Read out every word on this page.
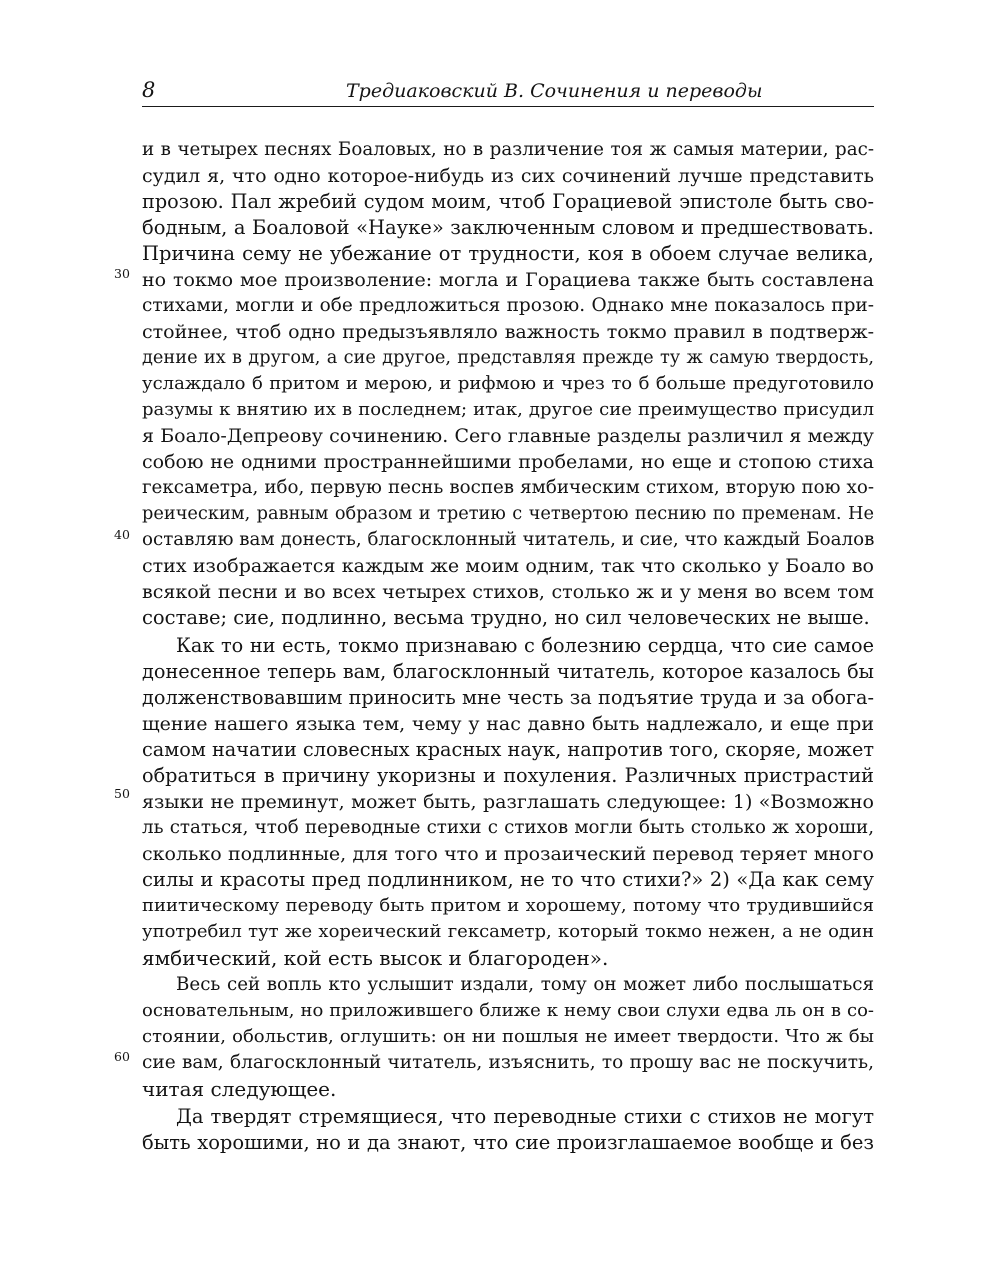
8	Тредиаковский В. Сочинения и переводы
30
40
50
60
и в четырех песнях Боаловых, но в различение тоя ж самыя материи, рас-
судил я, что одно которое-нибудь из сих сочинений лучше представить
прозою. Пал жребий судом моим, чтоб Горациевой эпистоле быть сво-
бодным, а Боаловой «Науке» заключенным словом и предшествовать.
Причина сему не убежание от трудности, коя в обоем случае велика,
но токмо мое произволение: могла и Горациева также быть составлена
стихами, могли и обе предложиться прозою. Однако мне показалось при-
стойнее, чтоб одно предызъявляло важность токмо правил в подтверж-
дение их в другом, а сие другое, представляя прежде ту ж самую твердость,
услаждало б притом и мерою, и рифмою и чрез то б больше предуготовило
разумы к внятию их в последнем; итак, другое сие преимущество присудил
я Боало-Депреову сочинению. Сего главные разделы различил я между
собою не одними пространнейшими пробелами, но еще и стопою стиха
гексаметра, ибо, первую песнь воспев ямбическим стихом, вторую пою хо-
реическим, равным образом и третию с четвертою песнию по пременам. Не
оставляю вам донесть, благосклонный читатель, и сие, что каждый Боалов
стих изображается каждым же моим одним, так что сколько у Боало во
всякой песни и во всех четырех стихов, столько ж и у меня во всем том
составе; сие, подлинно, весьма трудно, но сил человеческих не выше.
Как то ни есть, токмо признаваю с болезнию сердца, что сие самое
донесенное теперь вам, благосклонный читатель, которое казалось бы
долженствовавшим приносить мне честь за подъятие труда и за обога-
щение нашего языка тем, чему у нас давно быть надлежало, и еще при
самом начатии словесных красных наук, напротив того, скоряе, может
обратиться в причину укоризны и похуления. Различных пристрастий
языки не преминут, может быть, разглашать следующее: 1) «Возможно
ль статься, чтоб переводные стихи с стихов могли быть столько ж хороши,
сколько подлинные, для того что и прозаический перевод теряет много
силы и красоты пред подлинником, не то что стихи?» 2) «Да как сему
пиитическому переводу быть притом и хорошему, потому что трудившийся
употребил тут же хореический гексаметр, который токмо нежен, а не один
ямбический, кой есть высок и благороден».
Весь сей вопль кто услышит издали, тому он может либо послышаться
основательным, но приложившего ближе к нему свои слухи едва ль он в со-
стоянии, обольстив, оглушить: он ни пошлыя не имеет твердости. Что ж бы
сие вам, благосклонный читатель, изъяснить, то прошу вас не поскучить,
читая следующее.
Да твердят стремящиеся, что переводные стихи с стихов не могут
быть хорошими, но и да знают, что сие произглашаемое вообще и без
